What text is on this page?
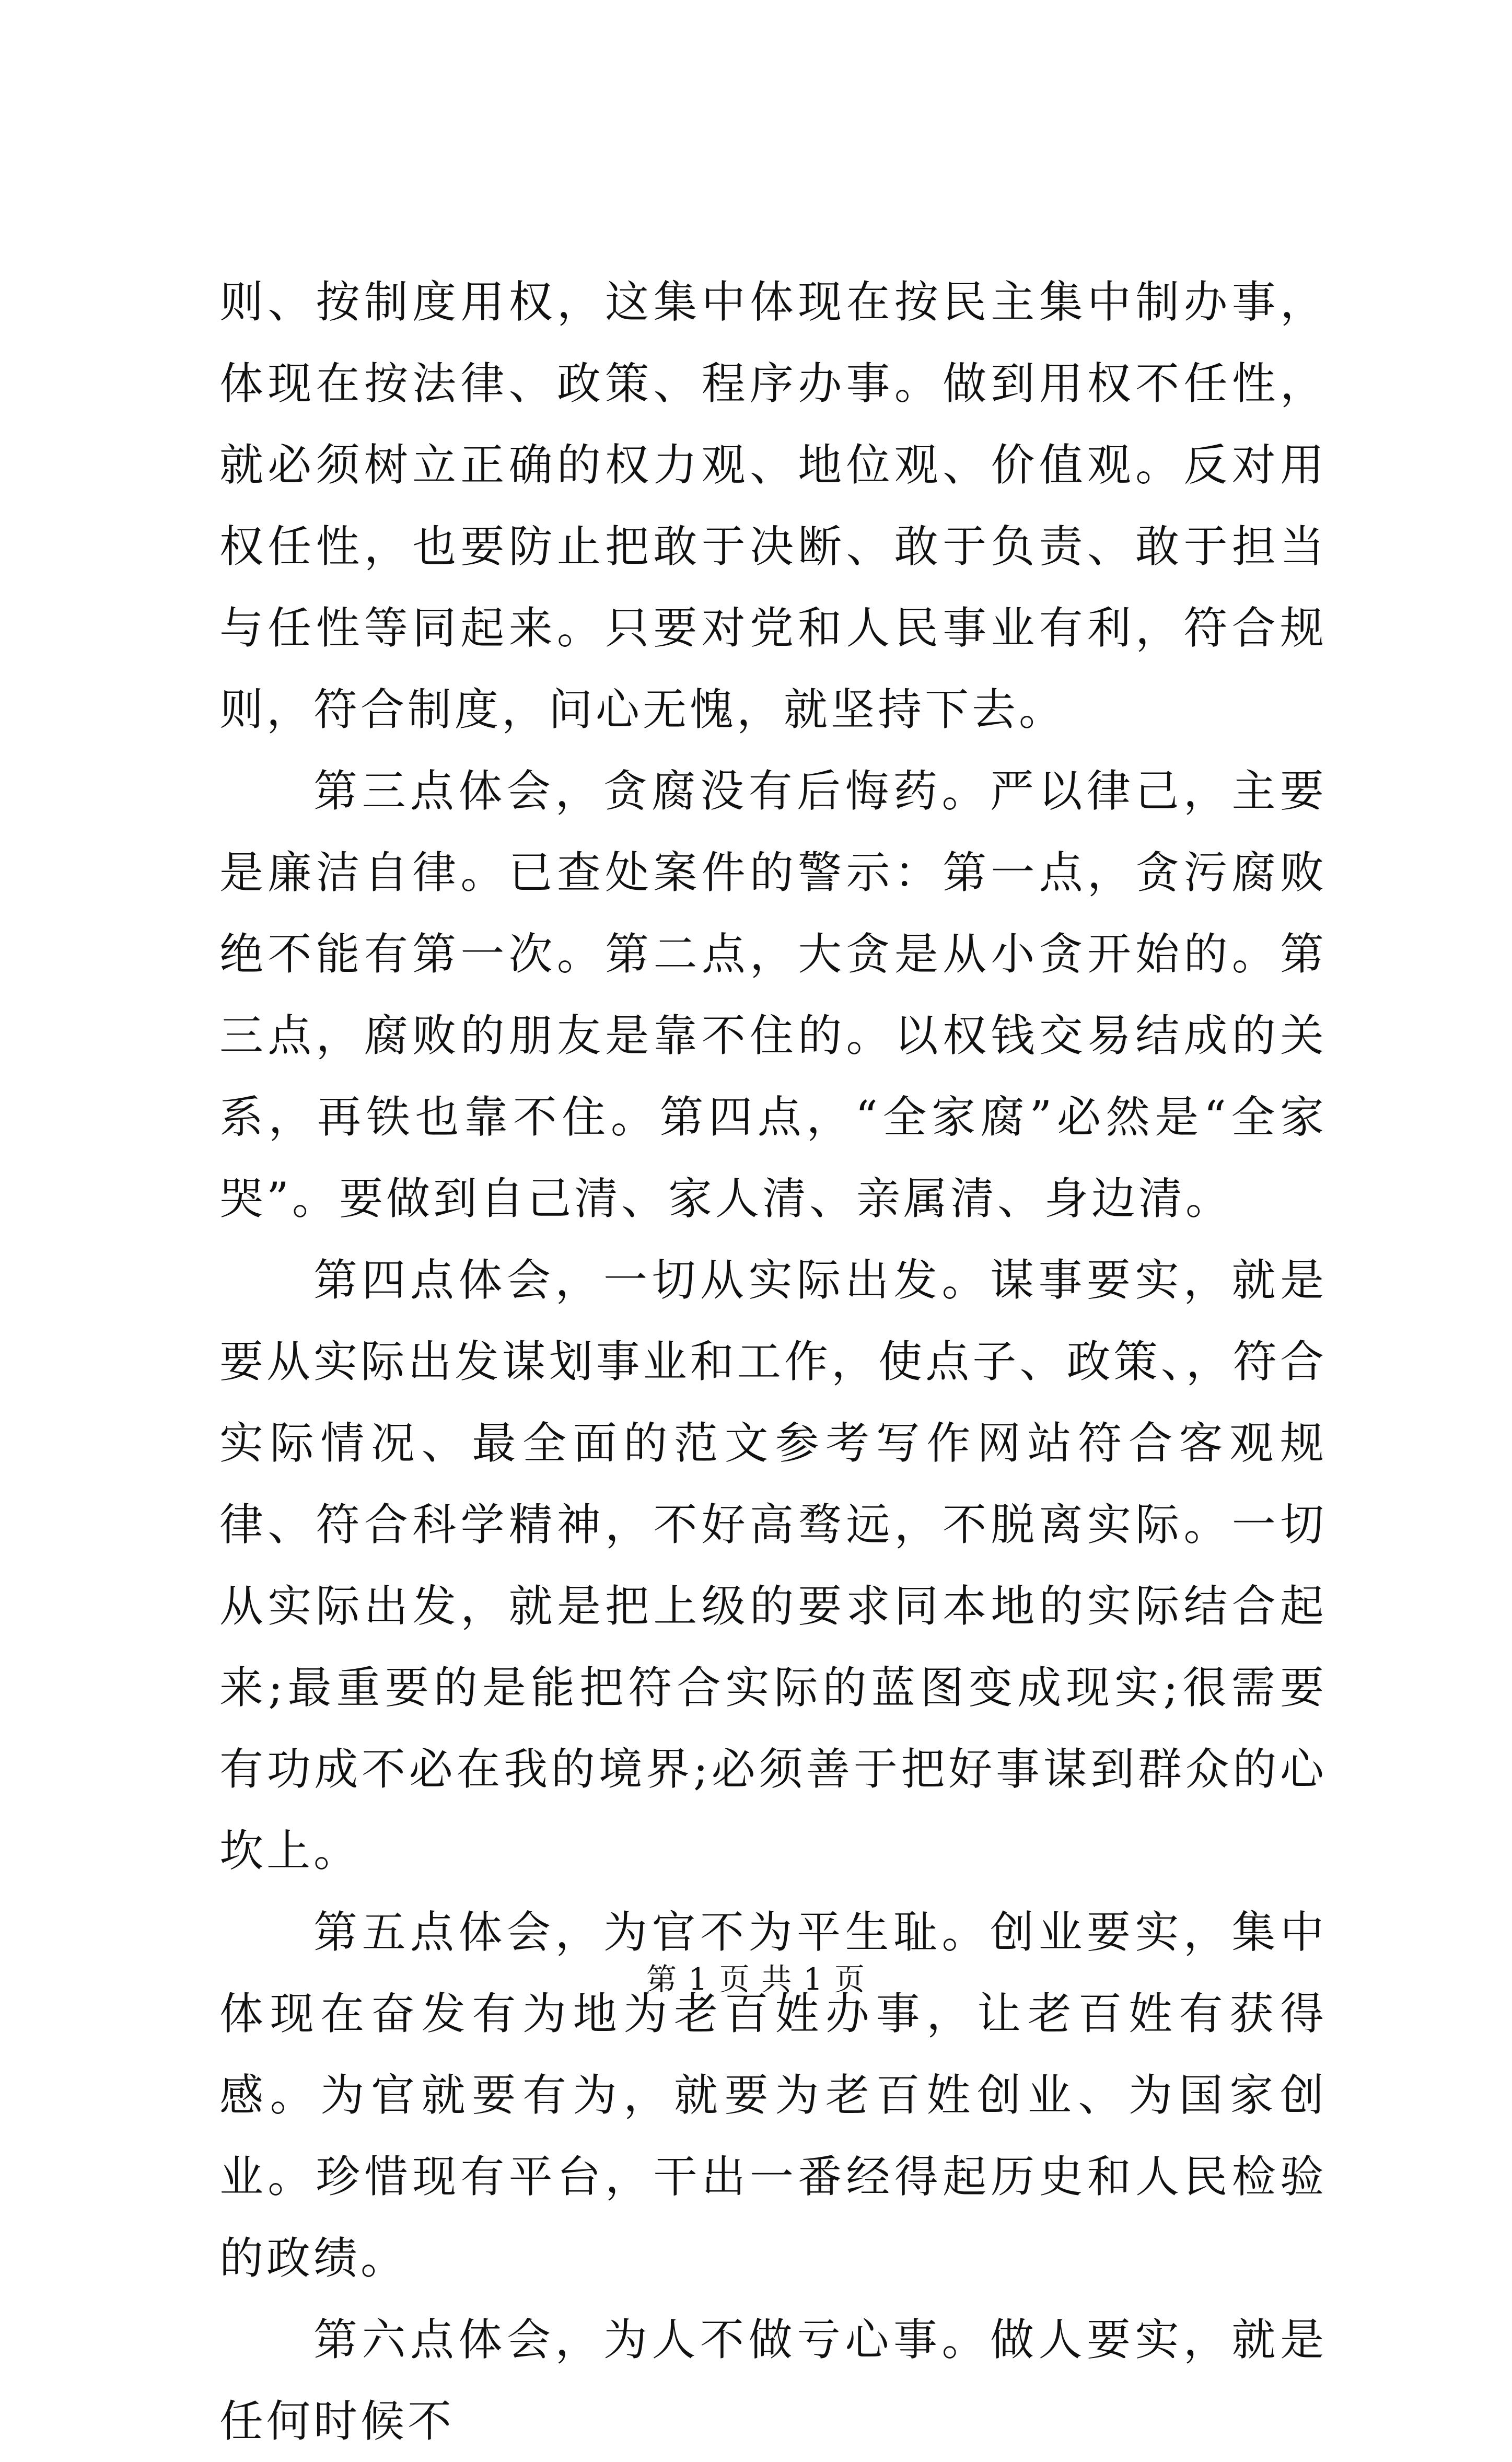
则、按制度用权，这集中体现在按民主集中制办事，体现在按法律、政策、程序办事。做到用权不任性，就必须树立正确的权力观、地位观、价值观。反对用权任性，也要防止把敢于决断、敢于负责、敢于担当与任性等同起来。只要对党和人民事业有利，符合规则，符合制度，问心无愧，就坚持下去。

第三点体会，贪腐没有后悔药。严以律己，主要是廉洁自律。已查处案件的警示：第一点，贪污腐败绝不能有第一次。第二点，大贪是从小贪开始的。第三点，腐败的朋友是靠不住的。以权钱交易结成的关系，再铁也靠不住。第四点，“全家腐”必然是“全家哭”。要做到自己清、家人清、亲属清、身边清。

第四点体会，一切从实际出发。谋事要实，就是要从实际出发谋划事业和工作，使点子、政策、，符合实际情况、最全面的范文参考写作网站符合客观规律、符合科学精神，不好高骛远，不脱离实际。一切从实际出发，就是把上级的要求同本地的实际结合起来;最重要的是能把符合实际的蓝图变成现实;很需要有功成不必在我的境界;必须善于把好事谋到群众的心坎上。

第五点体会，为官不为平生耻。创业要实，集中体现在奋发有为地为老百姓办事，让老百姓有获得感。为官就要有为，就要为老百姓创业、为国家创业。珍惜现有平台，干出一番经得起历史和人民检验的政绩。

第六点体会，为人不做亏心事。做人要实，就是任何时候不

第 1 页 共 1 页
